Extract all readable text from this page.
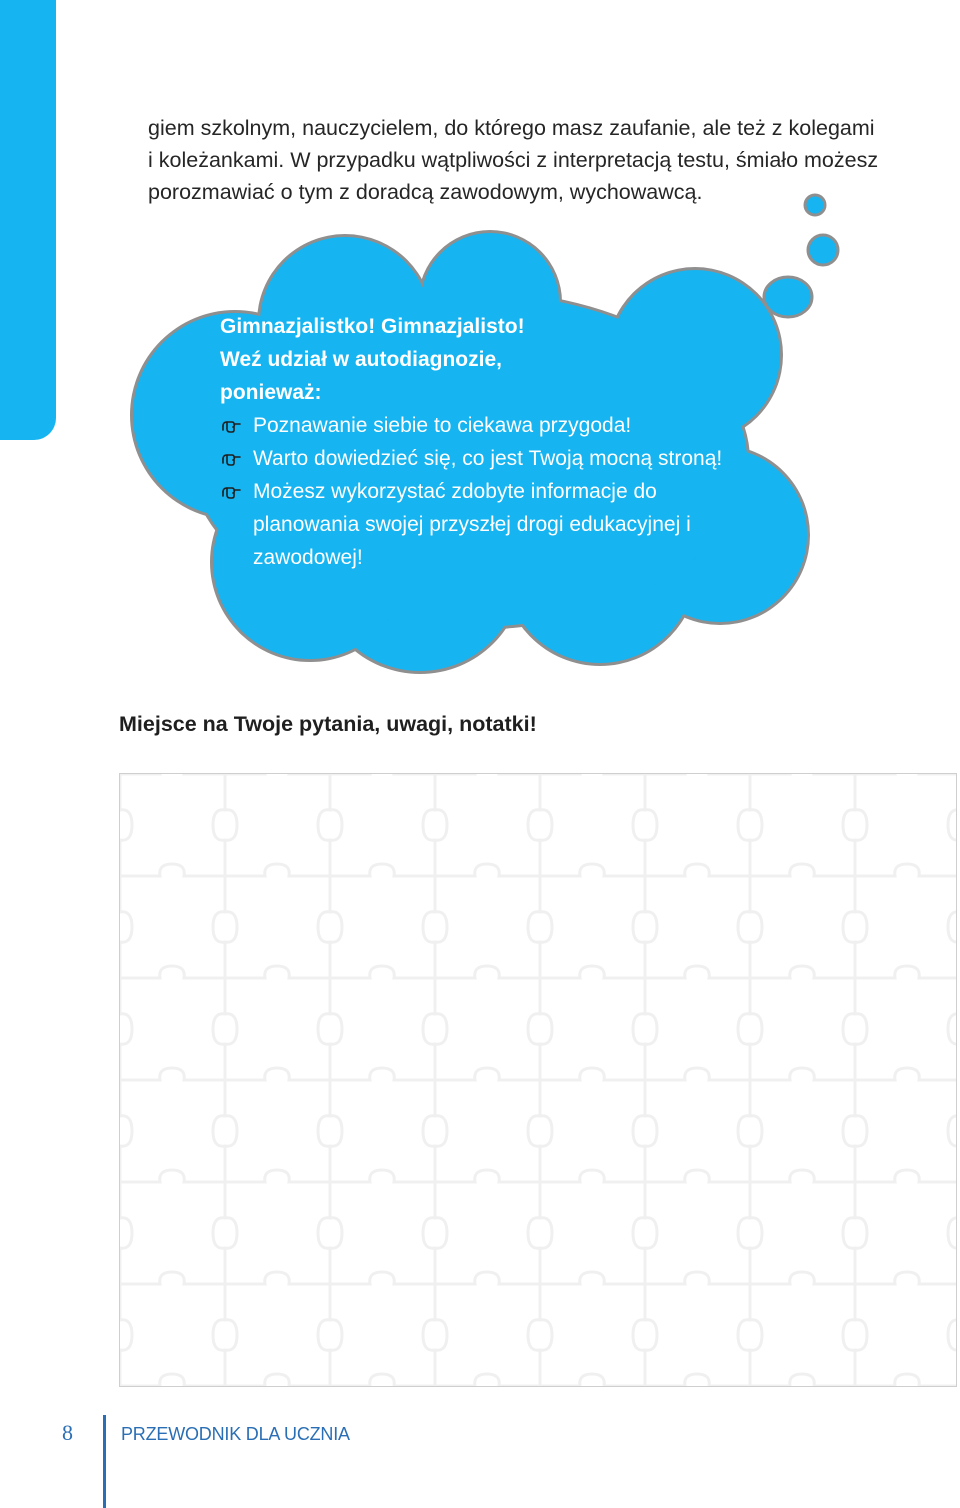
giem szkolnym, nauczycielem, do którego masz zaufanie, ale też z kolegami

i koleżankami. W przypadku wątpliwości z interpretacją testu, śmiało możesz

porozmawiać o tym z doradcą zawodowym, wychowawcą.

Gimnazjalistko! Gimnazjalisto!

Weź udział w autodiagnozie,

ponieważ:

Poznawanie siebie to ciekawa przygoda!
Warto dowiedzieć się, co jest Twoją mocną stroną!
Możesz wykorzystać zdobyte informacje do planowania swojej przyszłej drogi edukacyjnej i zawodowej!
Miejsce na Twoje pytania, uwagi, notatki!
8	PRZEWODNIK DLA UCZNIA
